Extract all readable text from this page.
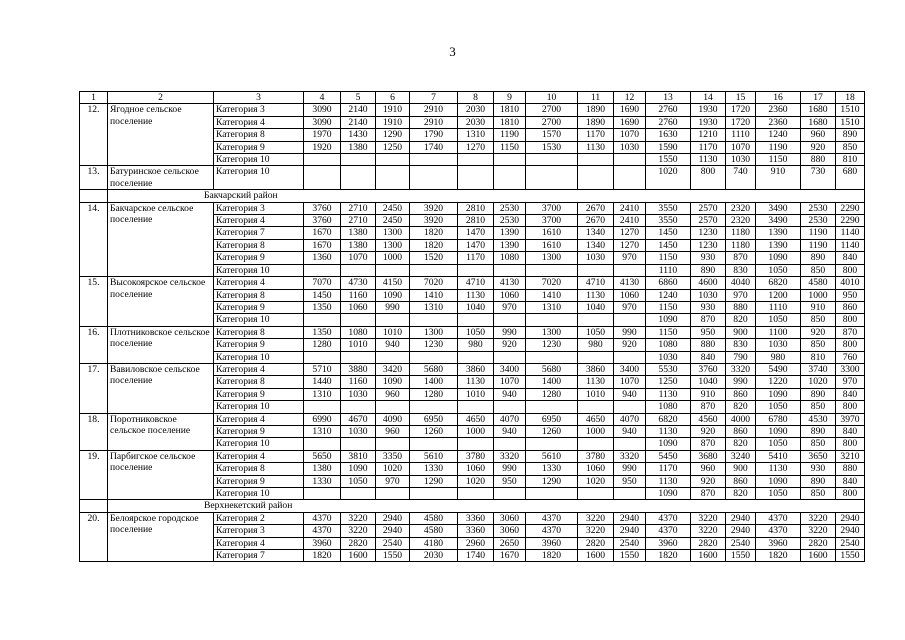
3
1	2	3	4	5	6	7	8	9	10	11	12	13	14	15	16	17	18
12.	Ягодное сельское поселение	Категория 3	3090	2140	1910	2910	2030	1810	2700	1890	1690	2760	1930	1720	2360	1680	1510
		Категория 4	3090	2140	1910	2910	2030	1810	2700	1890	1690	2760	1930	1720	2360	1680	1510
		Категория 8	1970	1430	1290	1790	1310	1190	1570	1170	1070	1630	1210	1110	1240	960	890
		Категория 9	1920	1380	1250	1740	1270	1150	1530	1130	1030	1590	1170	1070	1190	920	850
		Категория 10										1550	1130	1030	1150	880	810
13.	Батуринское сельское поселение	Категория 10										1020	800	740	910	730	680
	Бакчарский район																
14.	Бакчарское сельское поселение	Категория 3	3760	2710	2450	3920	2810	2530	3700	2670	2410	3550	2570	2320	3490	2530	2290
		Категория 4	3760	2710	2450	3920	2810	2530	3700	2670	2410	3550	2570	2320	3490	2530	2290
		Категория 7	1670	1380	1300	1820	1470	1390	1610	1340	1270	1450	1230	1180	1390	1190	1140
		Категория 8	1670	1380	1300	1820	1470	1390	1610	1340	1270	1450	1230	1180	1390	1190	1140
		Категория 9	1360	1070	1000	1520	1170	1080	1300	1030	970	1150	930	870	1090	890	840
		Категория 10										1110	890	830	1050	850	800
15.	Высокоярское сельское поселение	Категория 4	7070	4730	4150	7020	4710	4130	7020	4710	4130	6860	4600	4040	6820	4580	4010
		Категория 8	1450	1160	1090	1410	1130	1060	1410	1130	1060	1240	1030	970	1200	1000	950
		Категория 9	1350	1060	990	1310	1040	970	1310	1040	970	1150	930	880	1110	910	860
		Категория 10										1090	870	820	1050	850	800
16.	Плотниковское сельское поселение	Категория 8	1350	1080	1010	1300	1050	990	1300	1050	990	1150	950	900	1100	920	870
		Категория 9	1280	1010	940	1230	980	920	1230	980	920	1080	880	830	1030	850	800
		Категория 10										1030	840	790	980	810	760
17.	Вавиловское сельское поселение	Категория 4	5710	3880	3420	5680	3860	3400	5680	3860	3400	5530	3760	3320	5490	3740	3300
		Категория 8	1440	1160	1090	1400	1130	1070	1400	1130	1070	1250	1040	990	1220	1020	970
		Категория 9	1310	1030	960	1280	1010	940	1280	1010	940	1130	910	860	1090	890	840
		Категория 10										1080	870	820	1050	850	800
18.	Поротниковское сельское поселение	Категория 4	6990	4670	4090	6950	4650	4070	6950	4650	4070	6820	4560	4000	6780	4530	3970
		Категория 9	1310	1030	960	1260	1000	940	1260	1000	940	1130	920	860	1090	890	840
		Категория 10										1090	870	820	1050	850	800
19.	Парбигское сельское поселение	Категория 4	5650	3810	3350	5610	3780	3320	5610	3780	3320	5450	3680	3240	5410	3650	3210
		Категория 8	1380	1090	1020	1330	1060	990	1330	1060	990	1170	960	900	1130	930	880
		Категория 9	1330	1050	970	1290	1020	950	1290	1020	950	1130	920	860	1090	890	840
		Категория 10										1090	870	820	1050	850	800
	Верхнекетский район																
20.	Белоярское городское поселение	Категория 2	4370	3220	2940	4580	3360	3060	4370	3220	2940	4370	3220	2940	4370	3220	2940
		Категория 3	4370	3220	2940	4580	3360	3060	4370	3220	2940	4370	3220	2940	4370	3220	2940
		Категория 4	3960	2820	2540	4180	2960	2650	3960	2820	2540	3960	2820	2540	3960	2820	2540
		Категория 7	1820	1600	1550	2030	1740	1670	1820	1600	1550	1820	1600	1550	1820	1600	1550
